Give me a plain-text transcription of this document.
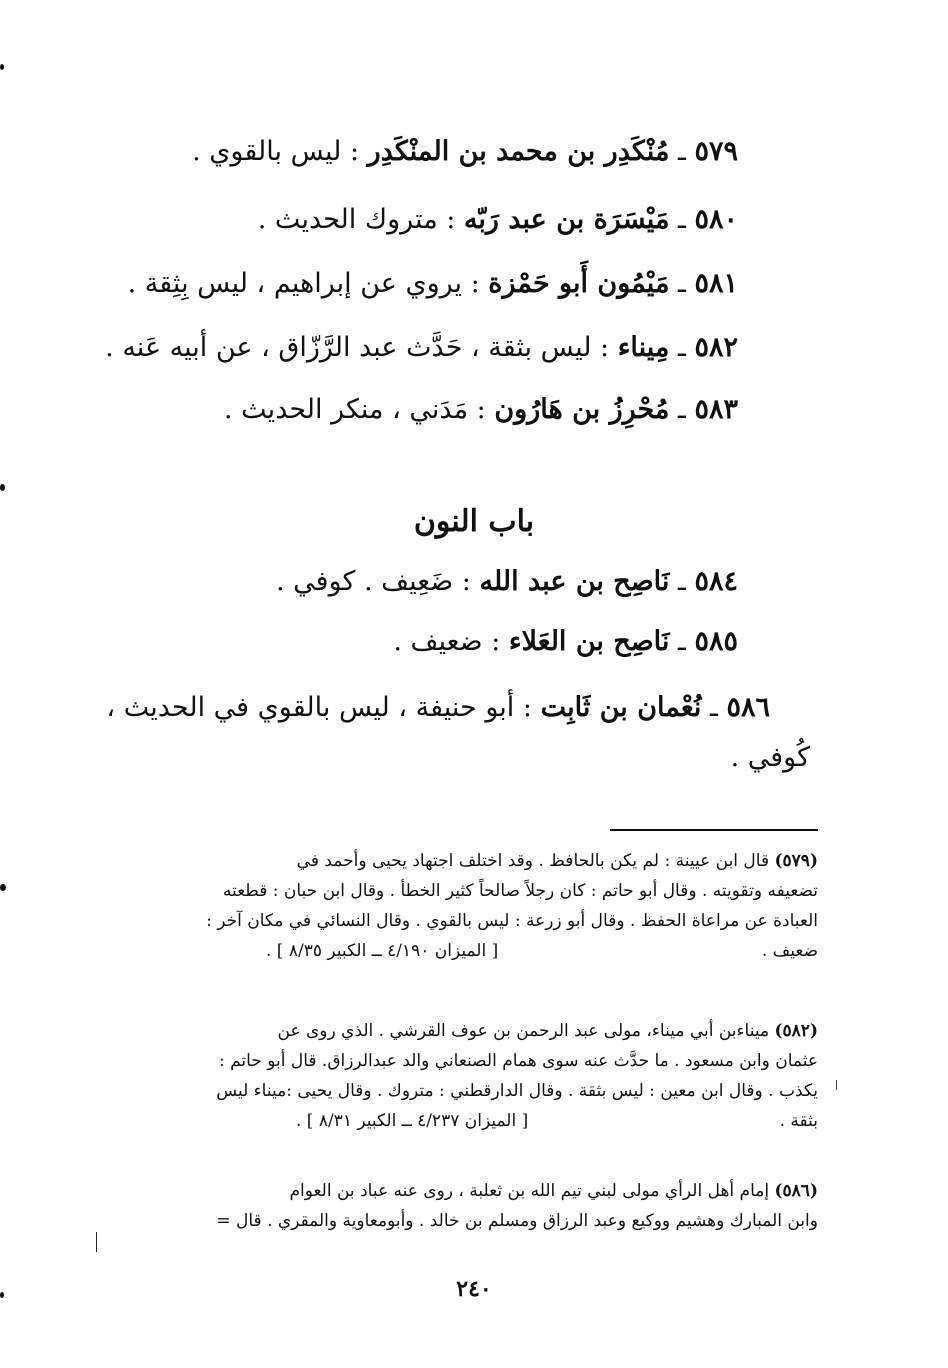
٥٧٩ ـ مُنْكَدِر بن محمد بن المنْكَدِر : ليس بالقوي .
٥٨٠ ـ مَيْسَرَة بن عبد رَبّه : متروك الحديث .
٥٨١ ـ مَيْمُون أَبو حَمْزة : يروي عن إبراهيم ، ليس بِثِقة .
٥٨٢ ـ مِيناء : ليس بثقة ، حَدَّث عبد الرَّزّاق ، عن أبيه عَنه .
٥٨٣ ـ مُحْرِزُ بن هَارُون : مَدَني ، منكر الحديث .
باب النون
٥٨٤ ـ نَاصِح بن عبد الله : ضَعِيف . كوفي .
٥٨٥ ـ نَاصِح بن العَلاء : ضعيف .
٥٨٦ ـ نُعْمان بن ثَابِت : أبو حنيفة ، ليس بالقوي في الحديث ،
كُوفي .
(٥٧٩) قال ابن عيينة : لم يكن بالحافظ . وقد اختلف اجتهاد يحيى وأحمد في
تضعيفه وتقويته . وقال أبو حاتم : كان رجلاً صالحاً كثير الخطأ . وقال ابن حبان : قطعته
العبادة عن مراعاة الحفظ . وقال أبو زرعة : ليس بالقوي . وقال النسائي في مكان آخر :
ضعيف .
[ الميزان ٤/١٩٠ ــ الكبير ٨/٣٥ ] .
(٥٨٢) ميناءبن أبي ميناء، مولى عبد الرحمن بن عوف القرشي . الذي روى عن
عثمان وابن مسعود . ما حدَّث عنه سوى همام الصنعاني والد عبدالرزاق. قال أبو حاتم :
يكذب . وقال ابن معين : ليس بثقة . وقال الدارقطني : متروك . وقال يحيى :ميناء ليس
بثقة .
[ الميزان ٤/٢٣٧ ــ الكبير ٨/٣١ ] .
(٥٨٦) إمام أهل الرأي مولى لبني تيم الله بن ثعلبة ، روى عنه عباد بن العوام
وابن المبارك وهشيم ووكيع وعبد الرزاق ومسلم بن خالد . وأبومعاوية والمقري . قال =
٢٤٠
